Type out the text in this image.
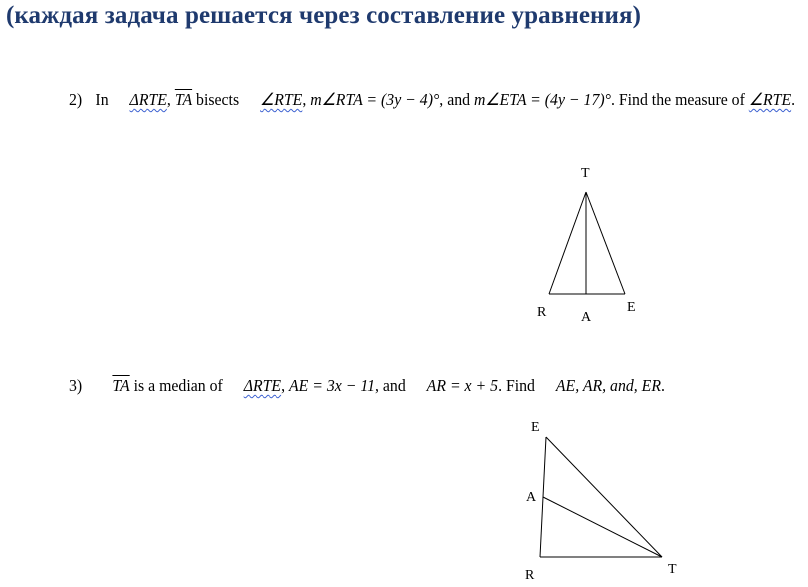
(каждая задача решается через составление уравнения)
2) In ΔRTE, $\overline{TA}$ bisects ∠RTE, m∠RTA = (3y − 4)°, and m∠ETA = (4y − 17)°. Find the measure of ∠RTE.
T
R A
E
3) $\overline{TA}$ is a median of ΔRTE, AE = 3x − 11, and AR = x + 5. Find AE, AR, and, ER.
E
A
R	T
